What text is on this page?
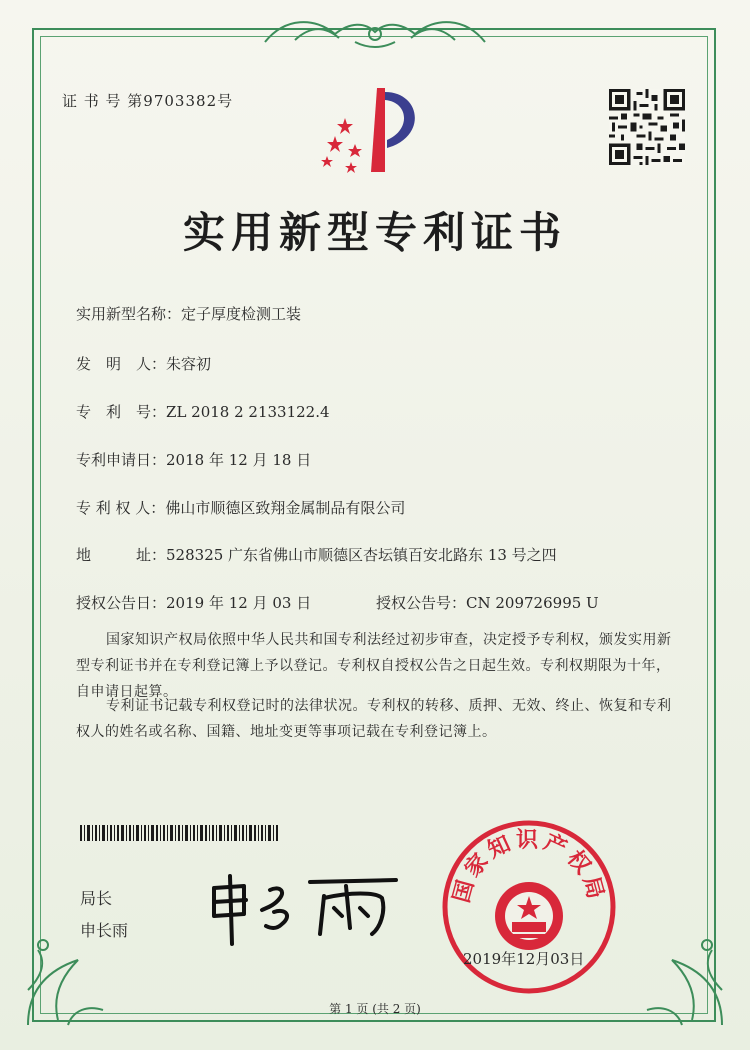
证 书 号 第9703382号
实用新型专利证书
实用新型名称：定子厚度检测工装
发　明　人：朱容初
专　利　号：ZL 2018 2 2133122.4
专利申请日：2018 年 12 月 18 日
专 利 权 人：佛山市顺德区致翔金属制品有限公司
地　　　址：528325 广东省佛山市顺德区杏坛镇百安北路东 13 号之四
授权公告日：2019 年 12 月 03 日	授权公告号：CN 209726995 U
国家知识产权局依照中华人民共和国专利法经过初步审查，决定授予专利权，颁发实用新型专利证书并在专利登记簿上予以登记。专利权自授权公告之日起生效。专利权期限为十年，自申请日起算。
专利证书记载专利权登记时的法律状况。专利权的转移、质押、无效、终止、恢复和专利权人的姓名或名称、国籍、地址变更等事项记载在专利登记簿上。
局长
申长雨
国家知识产权局
2019年12月03日
第 1 页 (共 2 页)
